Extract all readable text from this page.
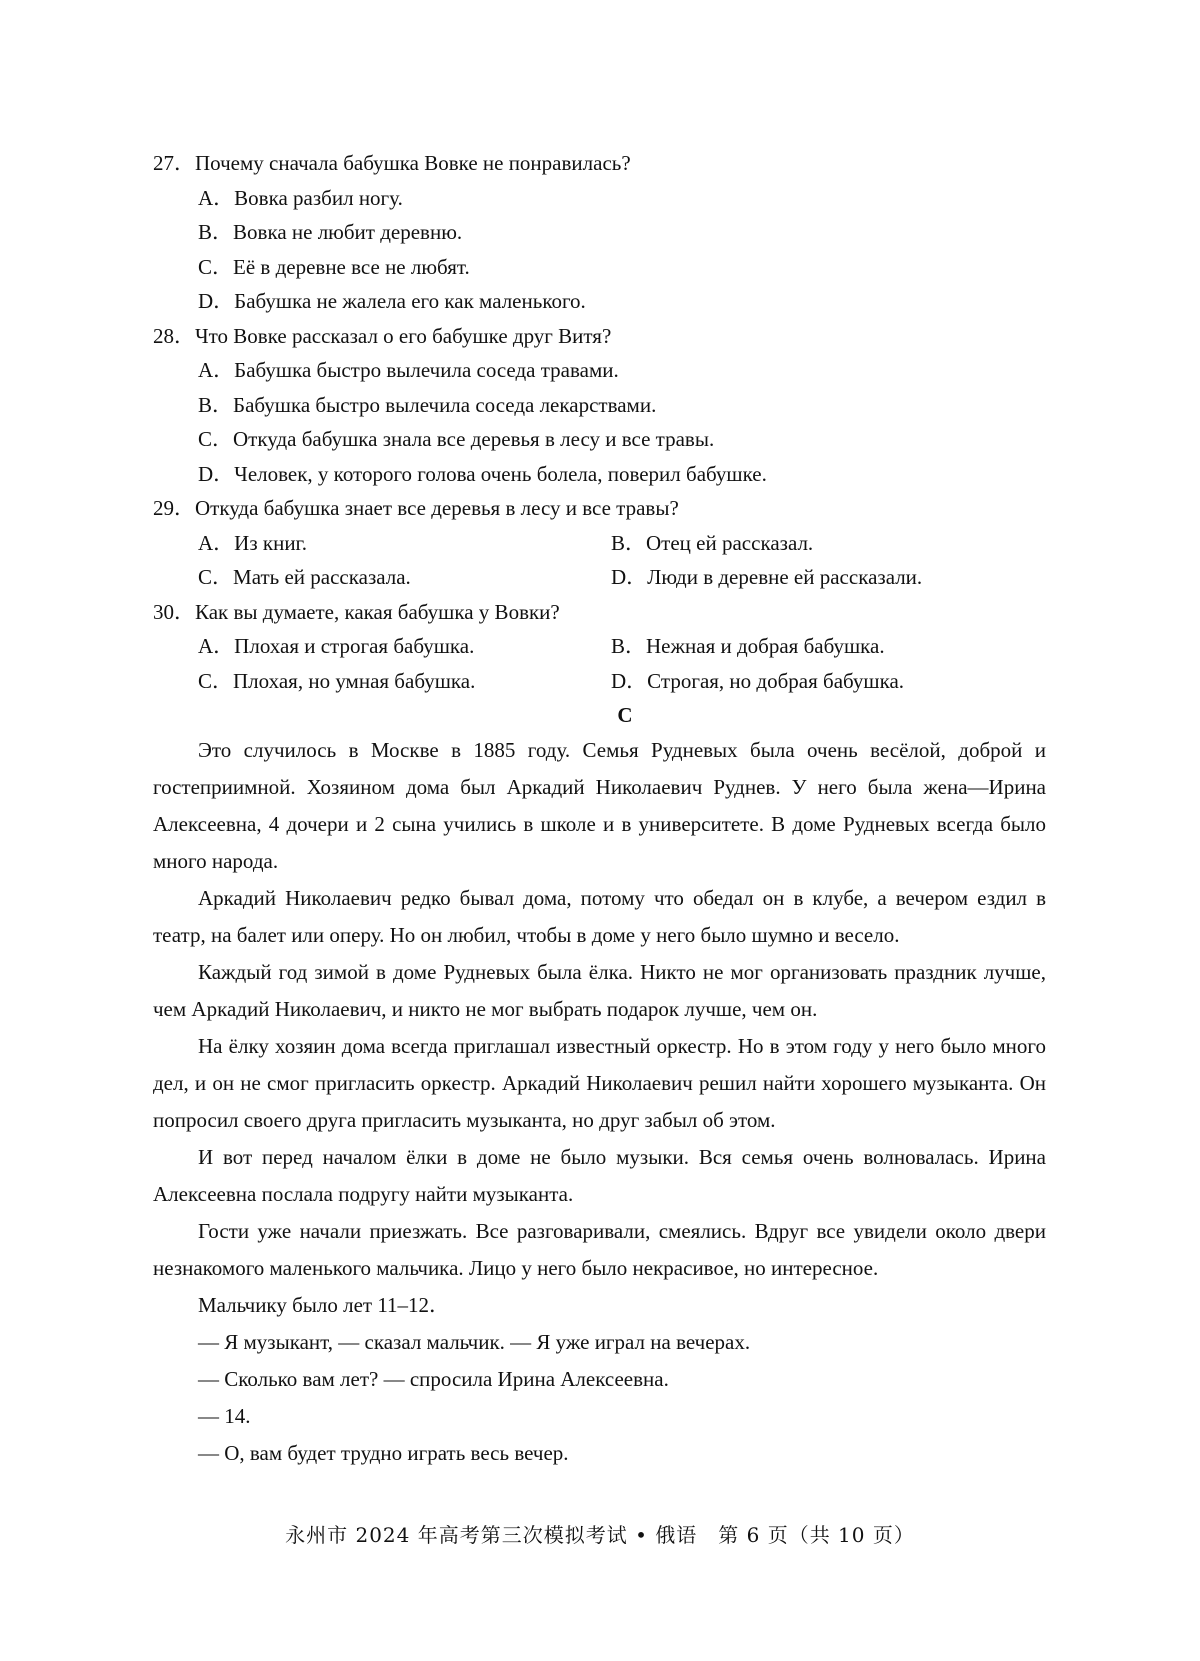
27．Почему сначала бабушка Вовке не понравилась?
A．Вовка разбил ногу.
B．Вовка не любит деревню.
C．Её в деревне все не любят.
D．Бабушка не жалела его как маленького.
28．Что Вовке рассказал о его бабушке друг Витя?
A．Бабушка быстро вылечила соседа травами.
B．Бабушка быстро вылечила соседа лекарствами.
C．Откуда бабушка знала все деревья в лесу и все травы.
D．Человек, у которого голова очень болела, поверил бабушке.
29．Откуда бабушка знает все деревья в лесу и все травы?
A．Из книг.	B．Отец ей рассказал.
C．Мать ей рассказала.	D．Люди в деревне ей рассказали.
30．Как вы думаете, какая бабушка у Вовки?
A．Плохая и строгая бабушка.	B．Нежная и добрая бабушка.
C．Плохая, но умная бабушка.	D．Строгая, но добрая бабушка.
C

Это случилось в Москве в 1885 году. Семья Рудневых была очень весёлой, доброй и гостеприимной. Хозяином дома был Аркадий Николаевич Руднев. У него была жена—Ирина Алексеевна, 4 дочери и 2 сына учились в школе и в университете. В доме Рудневых всегда было много народа.

Аркадий Николаевич редко бывал дома, потому что обедал он в клубе, а вечером ездил в театр, на балет или оперу. Но он любил, чтобы в доме у него было шумно и весело.

Каждый год зимой в доме Рудневых была ёлка. Никто не мог организовать праздник лучше, чем Аркадий Николаевич, и никто не мог выбрать подарок лучше, чем он.

На ёлку хозяин дома всегда приглашал известный оркестр. Но в этом году у него было много дел, и он не смог пригласить оркестр. Аркадий Николаевич решил найти хорошего музыканта. Он попросил своего друга пригласить музыканта, но друг забыл об этом.

И вот перед началом ёлки в доме не было музыки. Вся семья очень волновалась. Ирина Алексеевна послала подругу найти музыканта.

Гости уже начали приезжать. Все разговаривали, смеялись. Вдруг все увидели около двери незнакомого маленького мальчика. Лицо у него было некрасивое, но интересное.

Мальчику было лет 11–12．

— Я музыкант, — сказал мальчик. — Я уже играл на вечерах.

— Сколько вам лет? — спросила Ирина Алексеевна.

— 14.

— О, вам будет трудно играть весь вечер.

永州市 2024 年高考第三次模拟考试 • 俄语　第 6 页（共 10 页）
